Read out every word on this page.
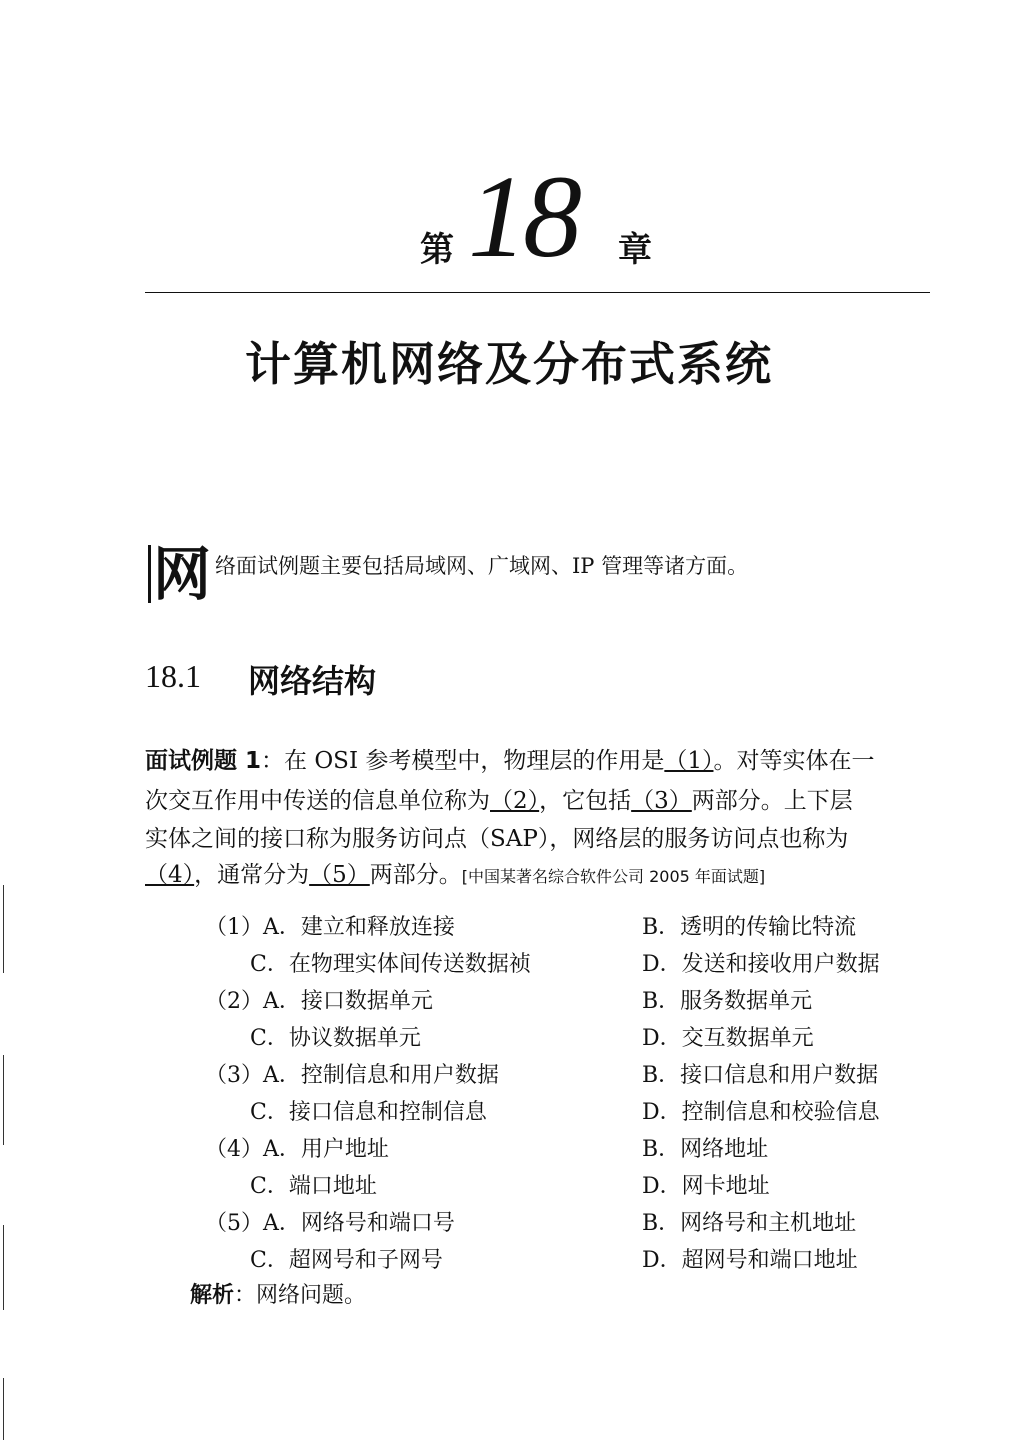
第 18 章
计算机网络及分布式系统
网 络面试例题主要包括局域网、广域网、IP 管理等诸方面。
18.1 网络结构
面试例题 1：在 OSI 参考模型中，物理层的作用是（1）。对等实体在一
次交互作用中传送的信息单位称为（2），它包括（3）两部分。上下层
实体之间的接口称为服务访问点（SAP），网络层的服务访问点也称为
（4），通常分为（5）两部分。[中国某著名综合软件公司 2005 年面试题]
（1）A．建立和释放连接	B．透明的传输比特流
C．在物理实体间传送数据祯	D．发送和接收用户数据
（2）A．接口数据单元	B．服务数据单元
C．协议数据单元	D．交互数据单元
（3）A．控制信息和用户数据	B．接口信息和用户数据
C．接口信息和控制信息	D．控制信息和校验信息
（4）A．用户地址	B．网络地址
C．端口地址	D．网卡地址
（5）A．网络号和端口号	B．网络号和主机地址
C．超网号和子网号	D．超网号和端口地址
解析：网络问题。
